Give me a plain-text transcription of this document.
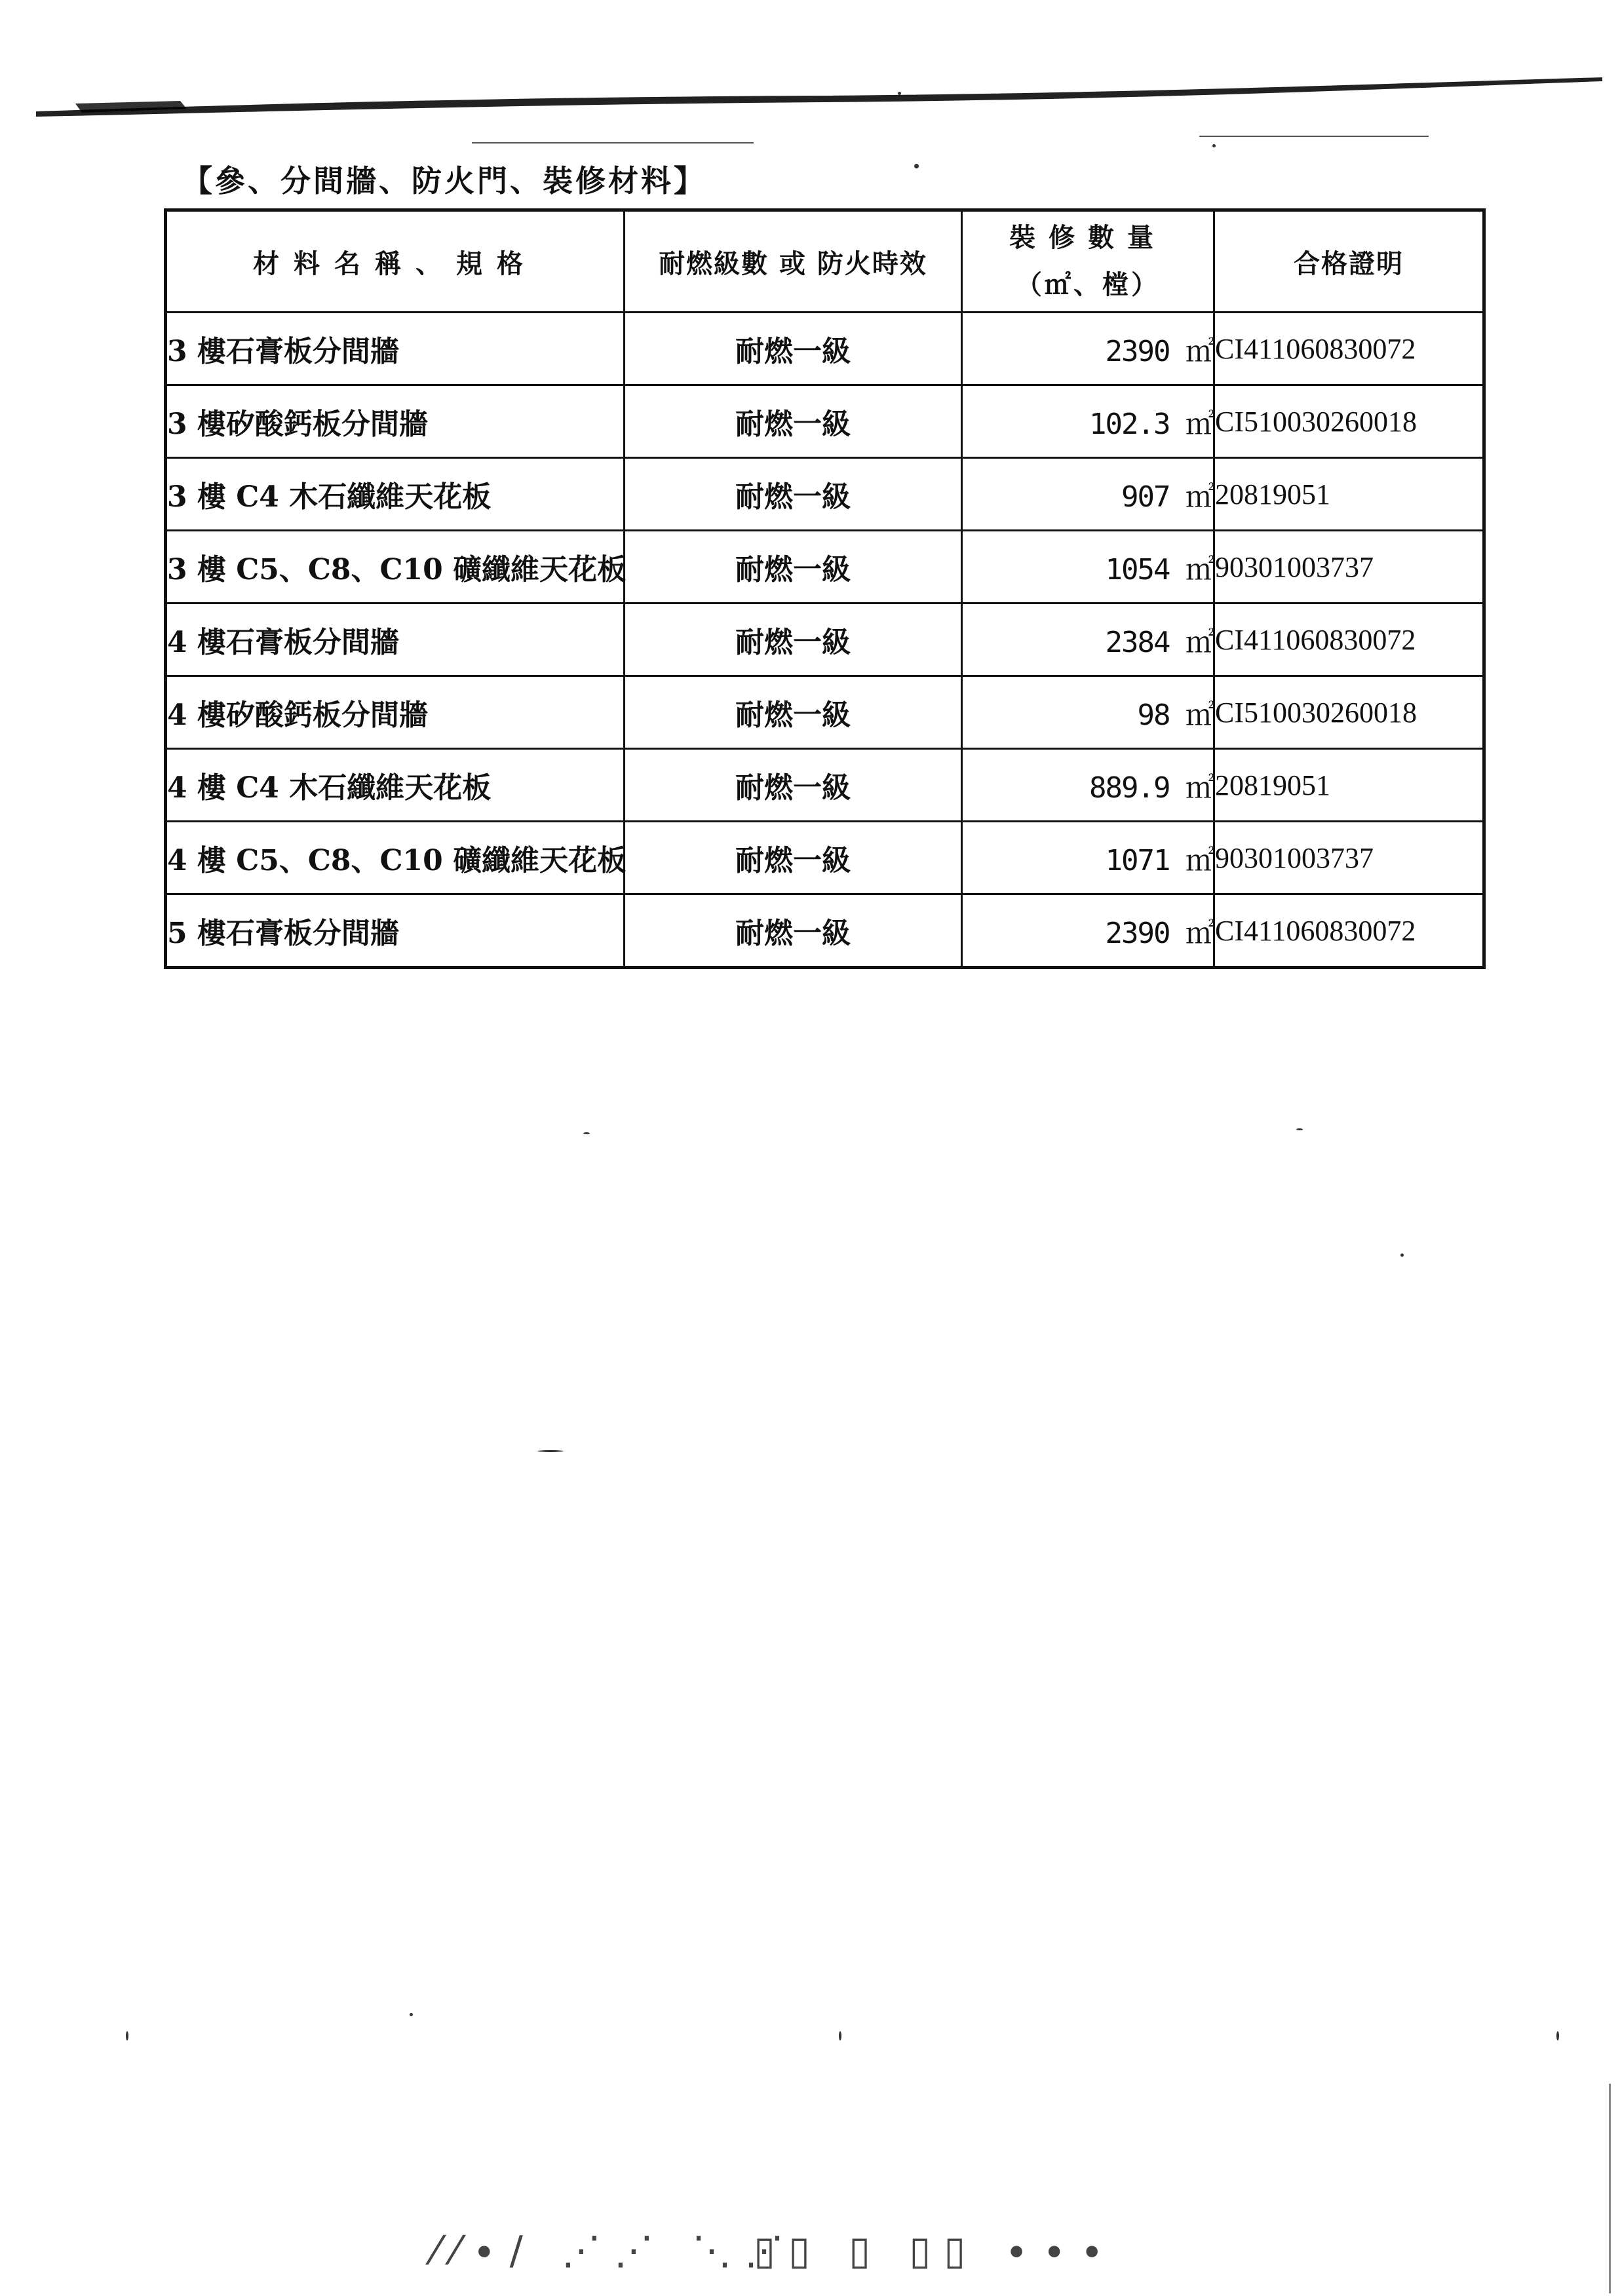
⁄⁄∙∕ ⋰⋰ ⋱⋰
▯▯ ▯ ▯▯ ∙∙∙
【參、分間牆、防火門、裝修材料】
材料名稱、規格	耐燃級數 或 防火時效	裝修數量
（㎡、樘）	合格證明
3 樓石膏板分間牆	耐燃一級	2390 ㎡	CI411060830072
3 樓矽酸鈣板分間牆	耐燃一級	102.3 ㎡	CI510030260018
3 樓 C4 木石纖維天花板	耐燃一級	907 ㎡	20819051
3 樓 C5、C8、C10 礦纖維天花板	耐燃一級	1054 ㎡	90301003737
4 樓石膏板分間牆	耐燃一級	2384 ㎡	CI411060830072
4 樓矽酸鈣板分間牆	耐燃一級	98 ㎡	CI510030260018
4 樓 C4 木石纖維天花板	耐燃一級	889.9 ㎡	20819051
4 樓 C5、C8、C10 礦纖維天花板	耐燃一級	1071 ㎡	90301003737
5 樓石膏板分間牆	耐燃一級	2390 ㎡	CI411060830072
